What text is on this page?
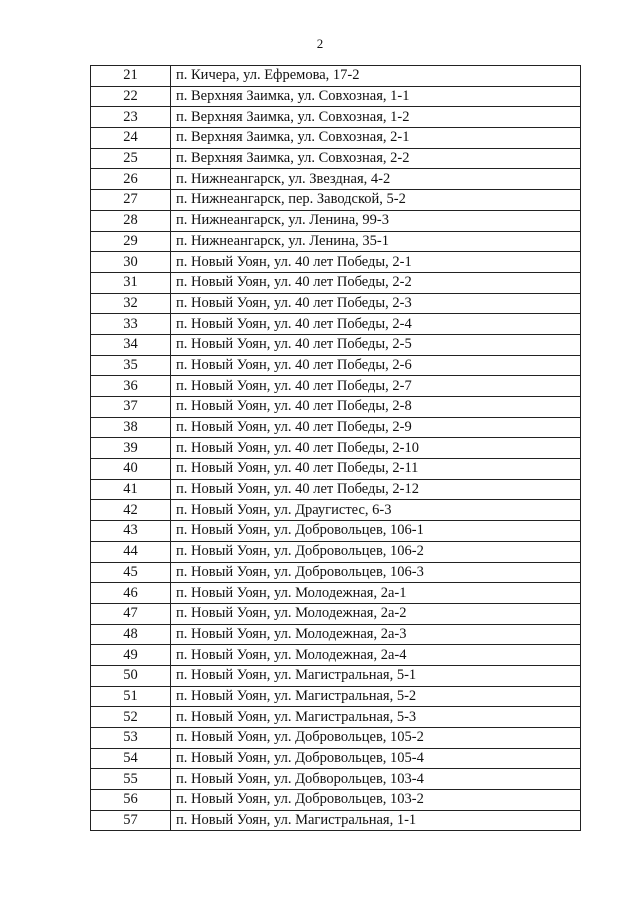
2
21	п. Кичера, ул. Ефремова, 17-2
22	п. Верхняя Заимка, ул. Совхозная, 1-1
23	п. Верхняя Заимка, ул. Совхозная, 1-2
24	п. Верхняя Заимка, ул. Совхозная, 2-1
25	п. Верхняя Заимка, ул. Совхозная, 2-2
26	п. Нижнеангарск, ул. Звездная, 4-2
27	п. Нижнеангарск, пер. Заводской, 5-2
28	п. Нижнеангарск, ул. Ленина, 99-3
29	п. Нижнеангарск, ул. Ленина, 35-1
30	п. Новый Уоян, ул. 40 лет Победы, 2-1
31	п. Новый Уоян, ул. 40 лет Победы, 2-2
32	п. Новый Уоян, ул. 40 лет Победы, 2-3
33	п. Новый Уоян, ул. 40 лет Победы, 2-4
34	п. Новый Уоян, ул. 40 лет Победы, 2-5
35	п. Новый Уоян, ул. 40 лет Победы, 2-6
36	п. Новый Уоян, ул. 40 лет Победы, 2-7
37	п. Новый Уоян, ул. 40 лет Победы, 2-8
38	п. Новый Уоян, ул. 40 лет Победы, 2-9
39	п. Новый Уоян, ул. 40 лет Победы, 2-10
40	п. Новый Уоян, ул. 40 лет Победы, 2-11
41	п. Новый Уоян, ул. 40 лет Победы, 2-12
42	п. Новый Уоян, ул. Драугистес, 6-3
43	п. Новый Уоян, ул. Добровольцев, 106-1
44	п. Новый Уоян, ул. Добровольцев, 106-2
45	п. Новый Уоян, ул. Добровольцев, 106-3
46	п. Новый Уоян, ул. Молодежная, 2а-1
47	п. Новый Уоян, ул. Молодежная, 2а-2
48	п. Новый Уоян, ул. Молодежная, 2а-3
49	п. Новый Уоян, ул. Молодежная, 2а-4
50	п. Новый Уоян, ул. Магистральная, 5-1
51	п. Новый Уоян, ул. Магистральная, 5-2
52	п. Новый Уоян, ул. Магистральная, 5-3
53	п. Новый Уоян, ул. Добровольцев, 105-2
54	п. Новый Уоян, ул. Добровольцев, 105-4
55	п. Новый Уоян, ул. Добворольцев, 103-4
56	п. Новый Уоян, ул. Добровольцев, 103-2
57	п. Новый Уоян, ул. Магистральная, 1-1
